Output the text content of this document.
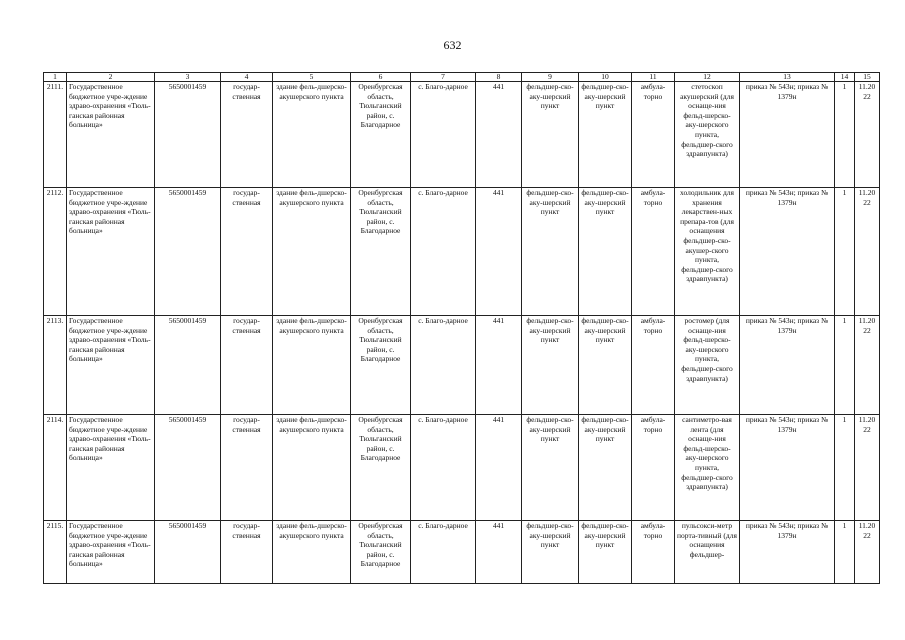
632
1	2	3	4	5	6	7	8	9	10	11	12	13	14	15
2111.	Государственное бюджетное учре-ждение здраво-охранения «Тюль-ганская районная больница»	5650001459	государ-ственная	здание фель-дшерско-акушерского пункта	Оренбургская область, Тюльганский район, с. Благодарное	с. Благо-дарное	441	фельдшер-ско-аку-шерский пункт	фельдшер-ско-аку-шерский пункт	амбула-торно	стетоскоп акушерский (для оснаще-ния фельд-шерско-аку-шерского пункта, фельдшер-ского здравпункта)	приказ № 543н; приказ № 1379н	1	11.2022
2112.	Государственное бюджетное учре-ждение здраво-охранения «Тюль-ганская районная больница»	5650001459	государ-ственная	здание фель-дшерско-акушерского пункта	Оренбургская область, Тюльганский район, с. Благодарное	с. Благо-дарное	441	фельдшер-ско-аку-шерский пункт	фельдшер-ско-аку-шерский пункт	амбула-торно	холодильник для хранения лекарствен-ных препара-тов (для оснащения фельдшер-ско-акушер-ского пункта, фельдшер-ского здравпункта)	приказ № 543н; приказ № 1379н	1	11.2022
2113.	Государственное бюджетное учре-ждение здраво-охранения «Тюль-ганская районная больница»	5650001459	государ-ственная	здание фель-дшерско-акушерского пункта	Оренбургская область, Тюльганский район, с. Благодарное	с. Благо-дарное	441	фельдшер-ско-аку-шерский пункт	фельдшер-ско-аку-шерский пункт	амбула-торно	ростомер (для оснаще-ния фельд-шерско-аку-шерского пункта, фельдшер-ского здравпункта)	приказ № 543н; приказ № 1379н	1	11.2022
2114.	Государственное бюджетное учре-ждение здраво-охранения «Тюль-ганская районная больница»	5650001459	государ-ственная	здание фель-дшерско-акушерского пункта	Оренбургская область, Тюльганский район, с. Благодарное	с. Благо-дарное	441	фельдшер-ско-аку-шерский пункт	фельдшер-ско-аку-шерский пункт	амбула-торно	сантиметро-вая лента (для оснаще-ния фельд-шерско-аку-шерского пункта, фельдшер-ского здравпункта)	приказ № 543н; приказ № 1379н	1	11.2022
2115.	Государственное бюджетное учре-ждение здраво-охранения «Тюль-ганская районная больница»	5650001459	государ-ственная	здание фель-дшерско-акушерского пункта	Оренбургская область, Тюльганский район, с. Благодарное	с. Благо-дарное	441	фельдшер-ско-аку-шерский пункт	фельдшер-ско-аку-шерский пункт	амбула-торно	пульсокси-метр порта-тивный (для оснащения фельдшер-	приказ № 543н; приказ № 1379н	1	11.2022
